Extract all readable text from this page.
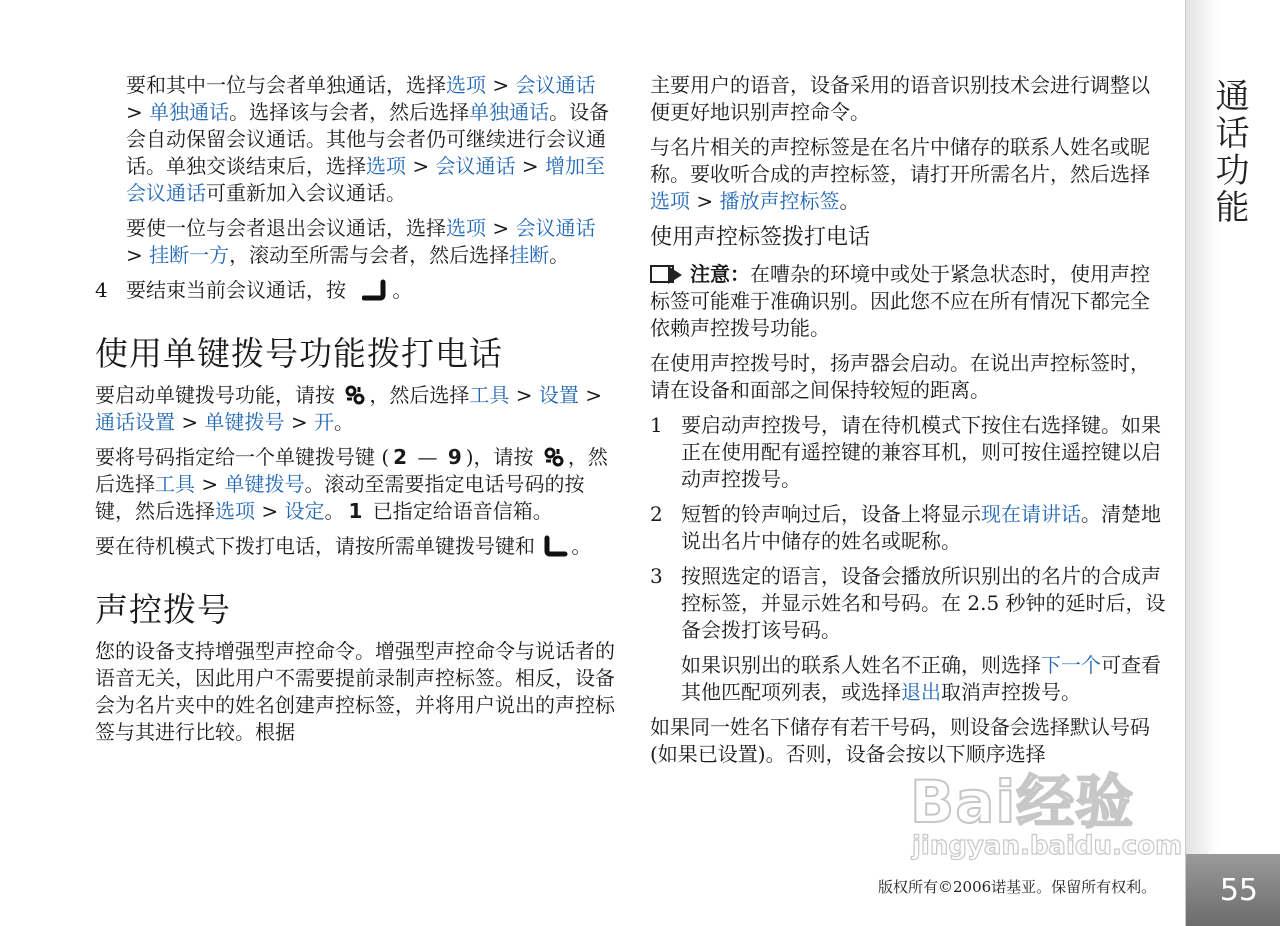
要和其中一位与会者单独通话，选择选项 > 会议通话 > 单独通话。选择该与会者，然后选择单独通话。设备会自动保留会议通话。其他与会者仍可继续进行会议通话。单独交谈结束后，选择选项 > 会议通话 > 增加至会议通话可重新加入会议通话。

要使一位与会者退出会议通话，选择选项 > 会议通话 > 挂断一方，滚动至所需与会者，然后选择挂断。

4 要结束当前会议通话，按 。

使用单键拨号功能拨打电话

要启动单键拨号功能，请按 ，然后选择工具 > 设置 > 通话设置 > 单键拨号 > 开。

要将号码指定给一个单键拨号键 ( 2 — 9 )，请按 ，然后选择工具 > 单键拨号。滚动至需要指定电话号码的按键，然后选择选项 > 设定。 1 已指定给语音信箱。

要在待机模式下拨打电话，请按所需单键拨号键和 。

声控拨号

您的设备支持增强型声控命令。增强型声控命令与说话者的语音无关，因此用户不需要提前录制声控标签。相反，设备会为名片夹中的姓名创建声控标签，并将用户说出的声控标签与其进行比较。根据

主要用户的语音，设备采用的语音识别技术会进行调整以便更好地识别声控命令。

与名片相关的声控标签是在名片中储存的联系人姓名或昵称。要收听合成的声控标签，请打开所需名片，然后选择选项 > 播放声控标签。

使用声控标签拨打电话

注意：在嘈杂的环境中或处于紧急状态时，使用声控标签可能难于准确识别。因此您不应在所有情况下都完全依赖声控拨号功能。

在使用声控拨号时，扬声器会启动。在说出声控标签时，请在设备和面部之间保持较短的距离。

1 要启动声控拨号，请在待机模式下按住右选择键。如果正在使用配有遥控键的兼容耳机，则可按住遥控键以启动声控拨号。

2 短暂的铃声响过后，设备上将显示现在请讲话。清楚地说出名片中储存的姓名或昵称。

3 按照选定的语言，设备会播放所识别出的名片的合成声控标签，并显示姓名和号码。在 2.5 秒钟的延时后，设备会拨打该号码。

如果识别出的联系人姓名不正确，则选择下一个可查看其他匹配项列表，或选择退出取消声控拨号。

如果同一姓名下储存有若干号码，则设备会选择默认号码 (如果已设置)。否则，设备会按以下顺序选择

通话功能
55
版权所有©2006诺基亚。保留所有权利。
Bai经验
jingyan.baidu.com
